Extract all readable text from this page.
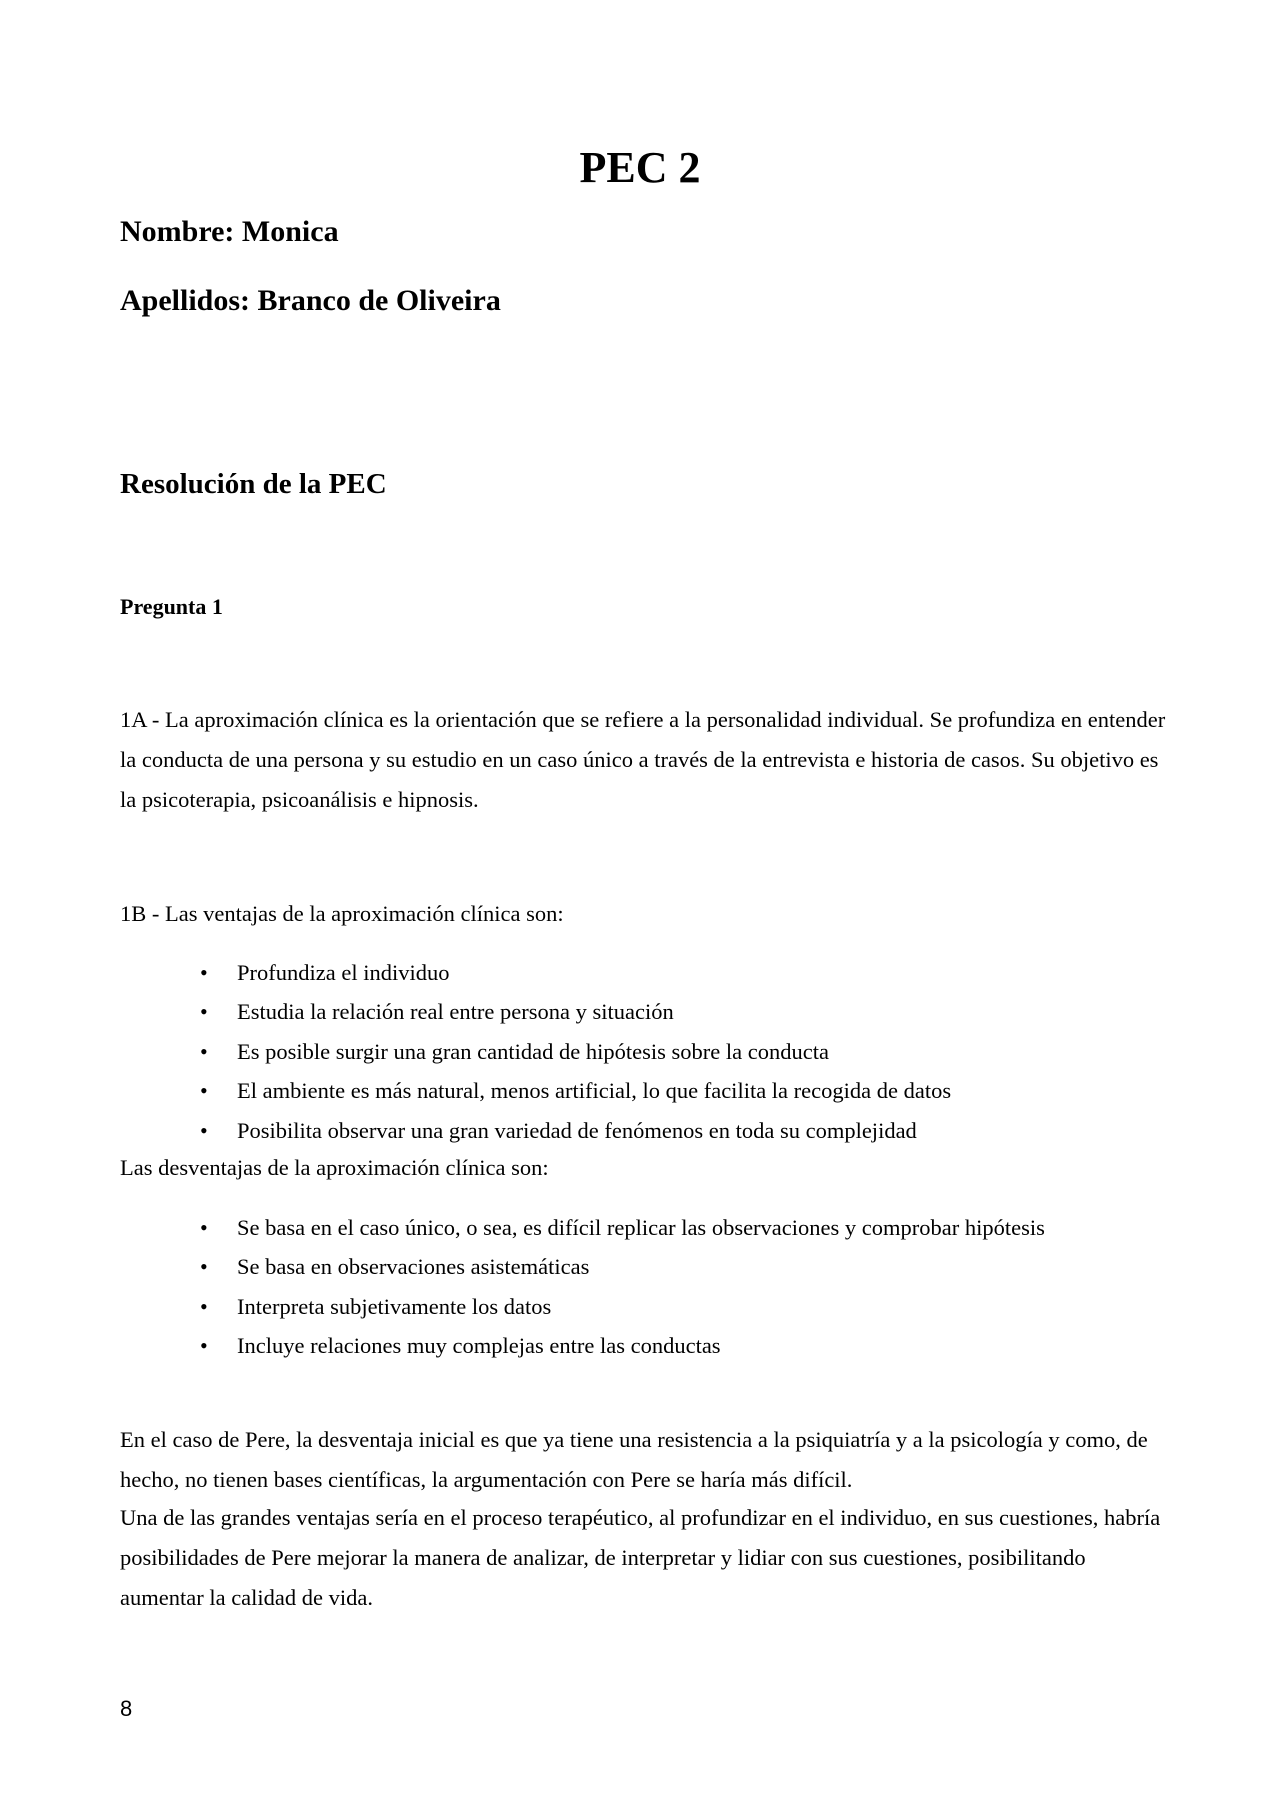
PEC 2

Nombre: Monica

Apellidos: Branco de Oliveira

Resolución de la PEC
Pregunta 1

1A - La aproximación clínica es la orientación que se refiere a la personalidad individual. Se profundiza en entender la conducta de una persona y su estudio en un caso único a través de la entrevista e historia de casos. Su objetivo es la psicoterapia, psicoanálisis e hipnosis.

1B - Las ventajas de la aproximación clínica son:

• Profundiza el individuo
• Estudia la relación real entre persona y situación
• Es posible surgir una gran cantidad de hipótesis sobre la conducta
• El ambiente es más natural, menos artificial, lo que facilita la recogida de datos
• Posibilita observar una gran variedad de fenómenos en toda su complejidad

Las desventajas de la aproximación clínica son:

• Se basa en el caso único, o sea, es difícil replicar las observaciones y comprobar hipótesis
• Se basa en observaciones asistemáticas
• Interpreta subjetivamente los datos
• Incluye relaciones muy complejas entre las conductas

En el caso de Pere, la desventaja inicial es que ya tiene una resistencia a la psiquiatría y a la psicología y como, de hecho, no tienen bases científicas, la argumentación con Pere se haría más difícil.

Una de las grandes ventajas sería en el proceso terapéutico, al profundizar en el individuo, en sus cuestiones, habría posibilidades de Pere mejorar la manera de analizar, de interpretar y lidiar con sus cuestiones, posibilitando aumentar la calidad de vida.

8
